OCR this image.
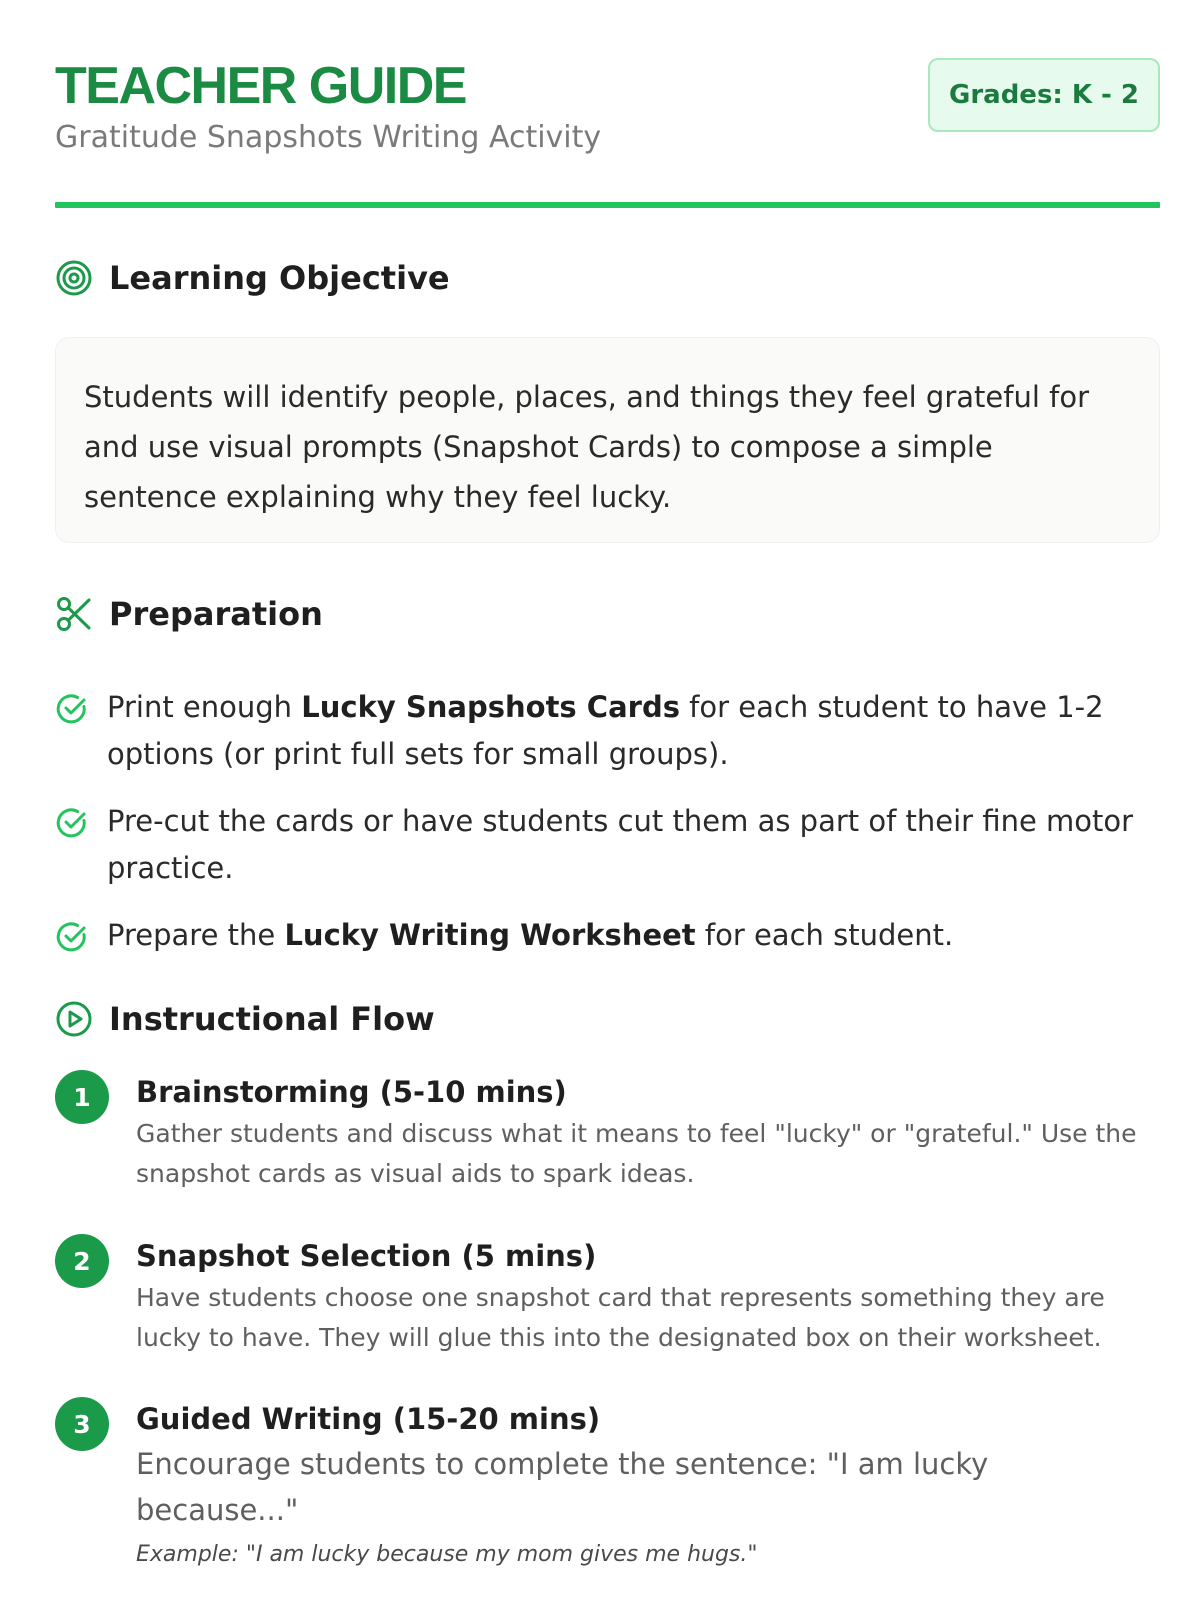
TEACHER GUIDE
Gratitude Snapshots Writing Activity
Grades: K - 2
Learning Objective

Students will identify people, places, and things they feel grateful for and use visual prompts (Snapshot Cards) to compose a simple sentence explaining why they feel lucky.

Preparation
Print enough Lucky Snapshots Cards for each student to have 1-2 options (or print full sets for small groups).
Pre-cut the cards or have students cut them as part of their fine motor practice.
Prepare the Lucky Writing Worksheet for each student.
Instructional Flow
1	Brainstorming (5-10 mins)
Gather students and discuss what it means to feel "lucky" or "grateful." Use the snapshot cards as visual aids to spark ideas.
2	Snapshot Selection (5 mins)
Have students choose one snapshot card that represents something they are lucky to have. They will glue this into the designated box on their worksheet.
3	Guided Writing (15-20 mins)
Encourage students to complete the sentence: "I am lucky because..."
Example: "I am lucky because my mom gives me hugs."
